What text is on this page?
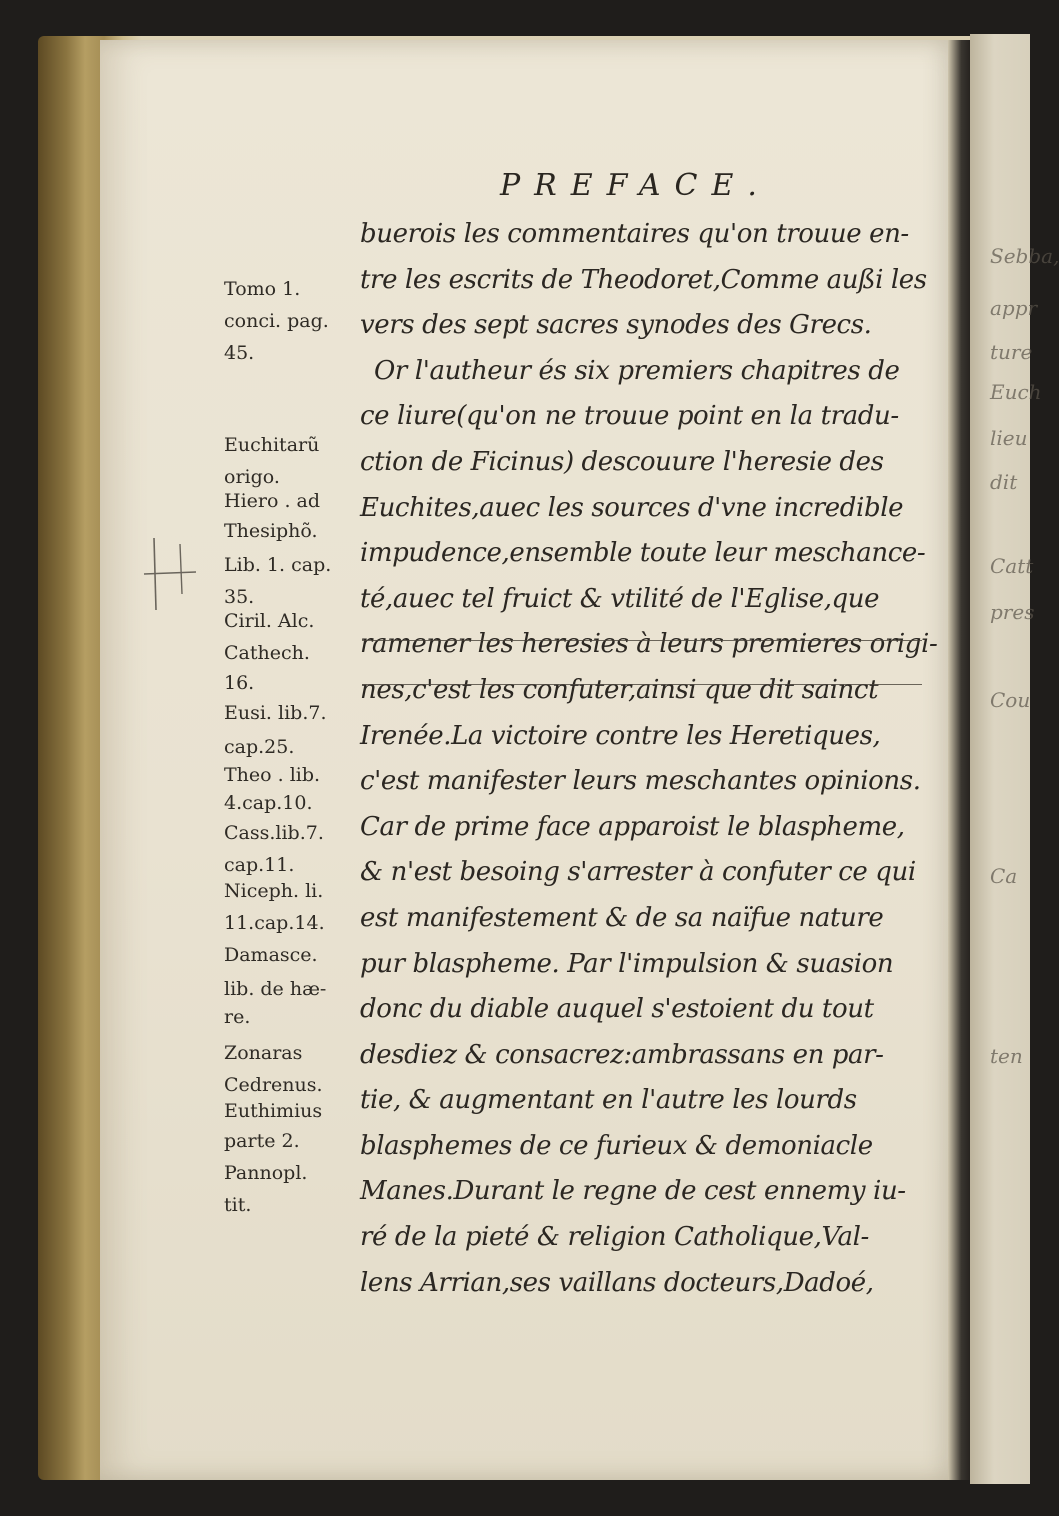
Sebba,
appr
ture
Euch
lieu
dit
Catt
pres
Cou
Ca
ten
PREFACE.
buerois les commentaires qu'on trouue en-
tre les escrits de Theodoret,Comme außi les
vers des sept sacres synodes des Grecs.
Or l'autheur és six premiers chapitres de
ce liure(qu'on ne trouue point en la tradu-
ction de Ficinus) descouure l'heresie des
Euchites,auec les sources d'vne incredible
impudence,ensemble toute leur meschance-
té,auec tel fruict & vtilité de l'Eglise,que
ramener les heresies à leurs premieres origi-
nes,c'est les confuter,ainsi que dit sainct
Irenée.La victoire contre les Heretiques,
c'est manifester leurs meschantes opinions.
Car de prime face apparoist le blaspheme,
& n'est besoing s'arrester à confuter ce qui
est manifestement & de sa naïfue nature
pur blaspheme. Par l'impulsion & suasion
donc du diable auquel s'estoient du tout
desdiez & consacrez:ambrassans en par-
tie, & augmentant en l'autre les lourds
blasphemes de ce furieux & demoniacle
Manes.Durant le regne de cest ennemy iu-
ré de la pieté & religion Catholique,Val-
lens Arrian,ses vaillans docteurs,Dadoé,
Tomo 1.
conci. pag.
45.
Euchitarũ
origo.
Hiero . ad
Thesiphõ.
Lib. 1. cap.
35.
Ciril. Alc.
Cathech.
16.
Eusi. lib.7.
cap.25.
Theo . lib.
4.cap.10.
Cass.lib.7.
cap.11.
Niceph. li.
11.cap.14.
Damasce.
lib. de hæ-
re.
Zonaras
Cedrenus.
Euthimius
parte 2.
Pannopl.
tit.
